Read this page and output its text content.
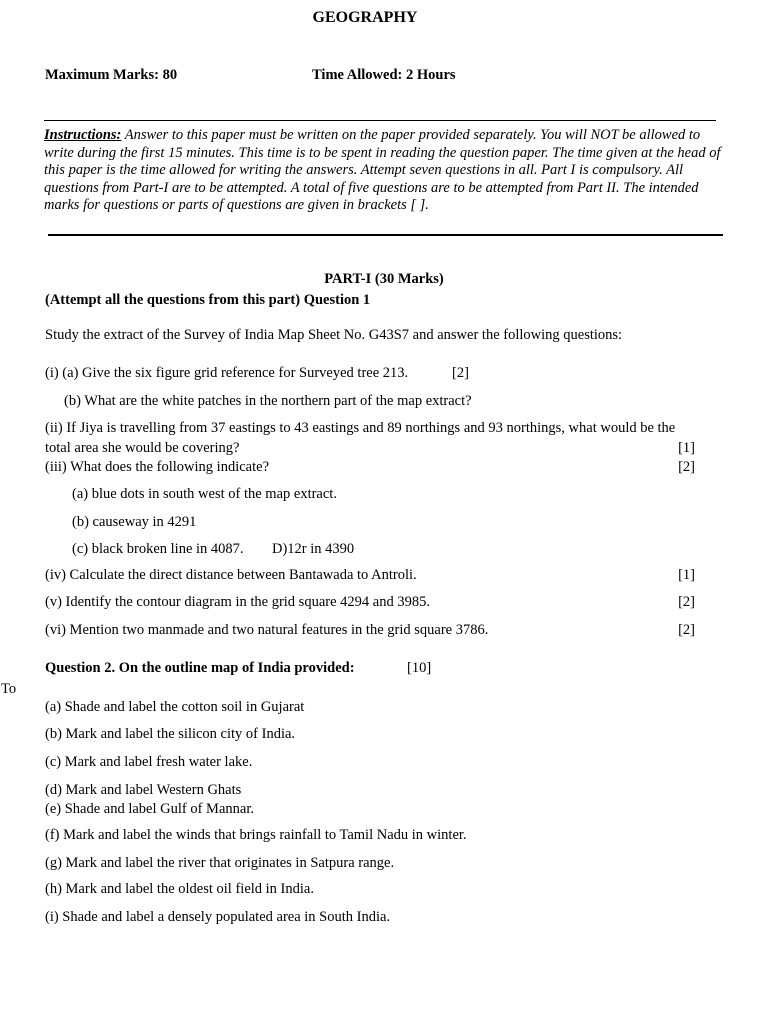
GEOGRAPHY
Maximum Marks: 80	Time Allowed: 2 Hours
Instructions: Answer to this paper must be written on the paper provided separately. You will NOT be allowed to write during the first 15 minutes. This time is to be spent in reading the question paper. The time given at the head of this paper is the time allowed for writing the answers. Attempt seven questions in all. Part I is compulsory. All questions from Part-I are to be attempted. A total of five questions are to be attempted from Part II. The intended marks for questions or parts of questions are given in brackets [ ].
PART-I (30 Marks)
(Attempt all the questions from this part) Question 1
Study the extract of the Survey of India Map Sheet No. G43S7 and answer the following questions:
(i) (a) Give the six figure grid reference for Surveyed tree 213.	[2]
(b) What are the white patches in the northern part of the map extract?
(ii) If Jiya is travelling from 37 eastings to 43 eastings and 89 northings and 93 northings, what would be the
total area she would be covering?	[1]
(iii) What does the following indicate?	[2]
(a) blue dots in south west of the map extract.
(b) causeway in 4291
(c) black broken line in 4087. D)12r in 4390
(iv) Calculate the direct distance between Bantawada to Antroli.	[1]
(v) Identify the contour diagram in the grid square 4294 and 3985.	[2]
(vi) Mention two manmade and two natural features in the grid square 3786.	[2]
Question 2. On the outline map of India provided:	[10]
To
(a) Shade and label the cotton soil in Gujarat
(b) Mark and label the silicon city of India.
(c) Mark and label fresh water lake.
(d) Mark and label Western Ghats
(e) Shade and label Gulf of Mannar.
(f) Mark and label the winds that brings rainfall to Tamil Nadu in winter.
(g) Mark and label the river that originates in Satpura range.
(h) Mark and label the oldest oil field in India.
(i) Shade and label a densely populated area in South India.
